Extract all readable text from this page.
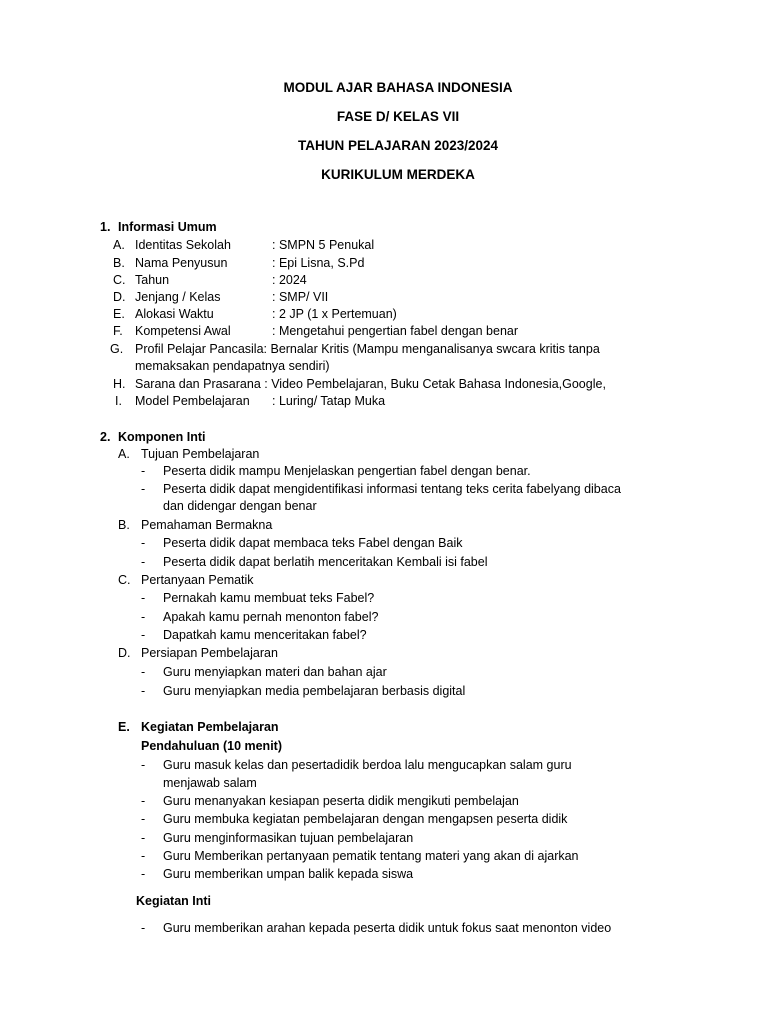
MODUL AJAR BAHASA INDONESIA
FASE D/ KELAS VII
TAHUN PELAJARAN 2023/2024
KURIKULUM MERDEKA
1. Informasi Umum
A. Identitas Sekolah	: SMPN 5 Penukal
B. Nama Penyusun	: Epi Lisna, S.Pd
C. Tahun	: 2024
D. Jenjang / Kelas	: SMP/ VII
E. Alokasi Waktu	: 2 JP (1 x Pertemuan)
F. Kompetensi Awal	: Mengetahui pengertian fabel dengan benar
G. Profil Pelajar Pancasila: Bernalar Kritis (Mampu menganalisanya swcara kritis tanpa
memaksakan pendapatnya sendiri)
H. Sarana dan Prasarana : Video Pembelajaran, Buku Cetak Bahasa Indonesia,Google,
I. Model Pembelajaran : Luring/ Tatap Muka
2. Komponen Inti
A. Tujuan Pembelajaran
- Peserta didik mampu Menjelaskan pengertian fabel dengan benar.
- Peserta didik dapat mengidentifikasi informasi tentang teks cerita fabelyang dibaca
dan didengar dengan benar
B. Pemahaman Bermakna
- Peserta didik dapat membaca teks Fabel dengan Baik
- Peserta didik dapat berlatih menceritakan Kembali isi fabel
C. Pertanyaan Pematik
- Pernakah kamu membuat teks Fabel?
- Apakah kamu pernah menonton fabel?
- Dapatkah kamu menceritakan fabel?
D. Persiapan Pembelajaran
- Guru menyiapkan materi dan bahan ajar
- Guru menyiapkan media pembelajaran berbasis digital
E. Kegiatan Pembelajaran
Pendahuluan (10 menit)
- Guru masuk kelas dan pesertadidik berdoa lalu mengucapkan salam guru
menjawab salam
- Guru menanyakan kesiapan peserta didik mengikuti pembelajan
- Guru membuka kegiatan pembelajaran dengan mengapsen peserta didik
- Guru menginformasikan tujuan pembelajaran
- Guru Memberikan pertanyaan pematik tentang materi yang akan di ajarkan
- Guru memberikan umpan balik kepada siswa
Kegiatan Inti
- Guru memberikan arahan kepada peserta didik untuk fokus saat menonton video
